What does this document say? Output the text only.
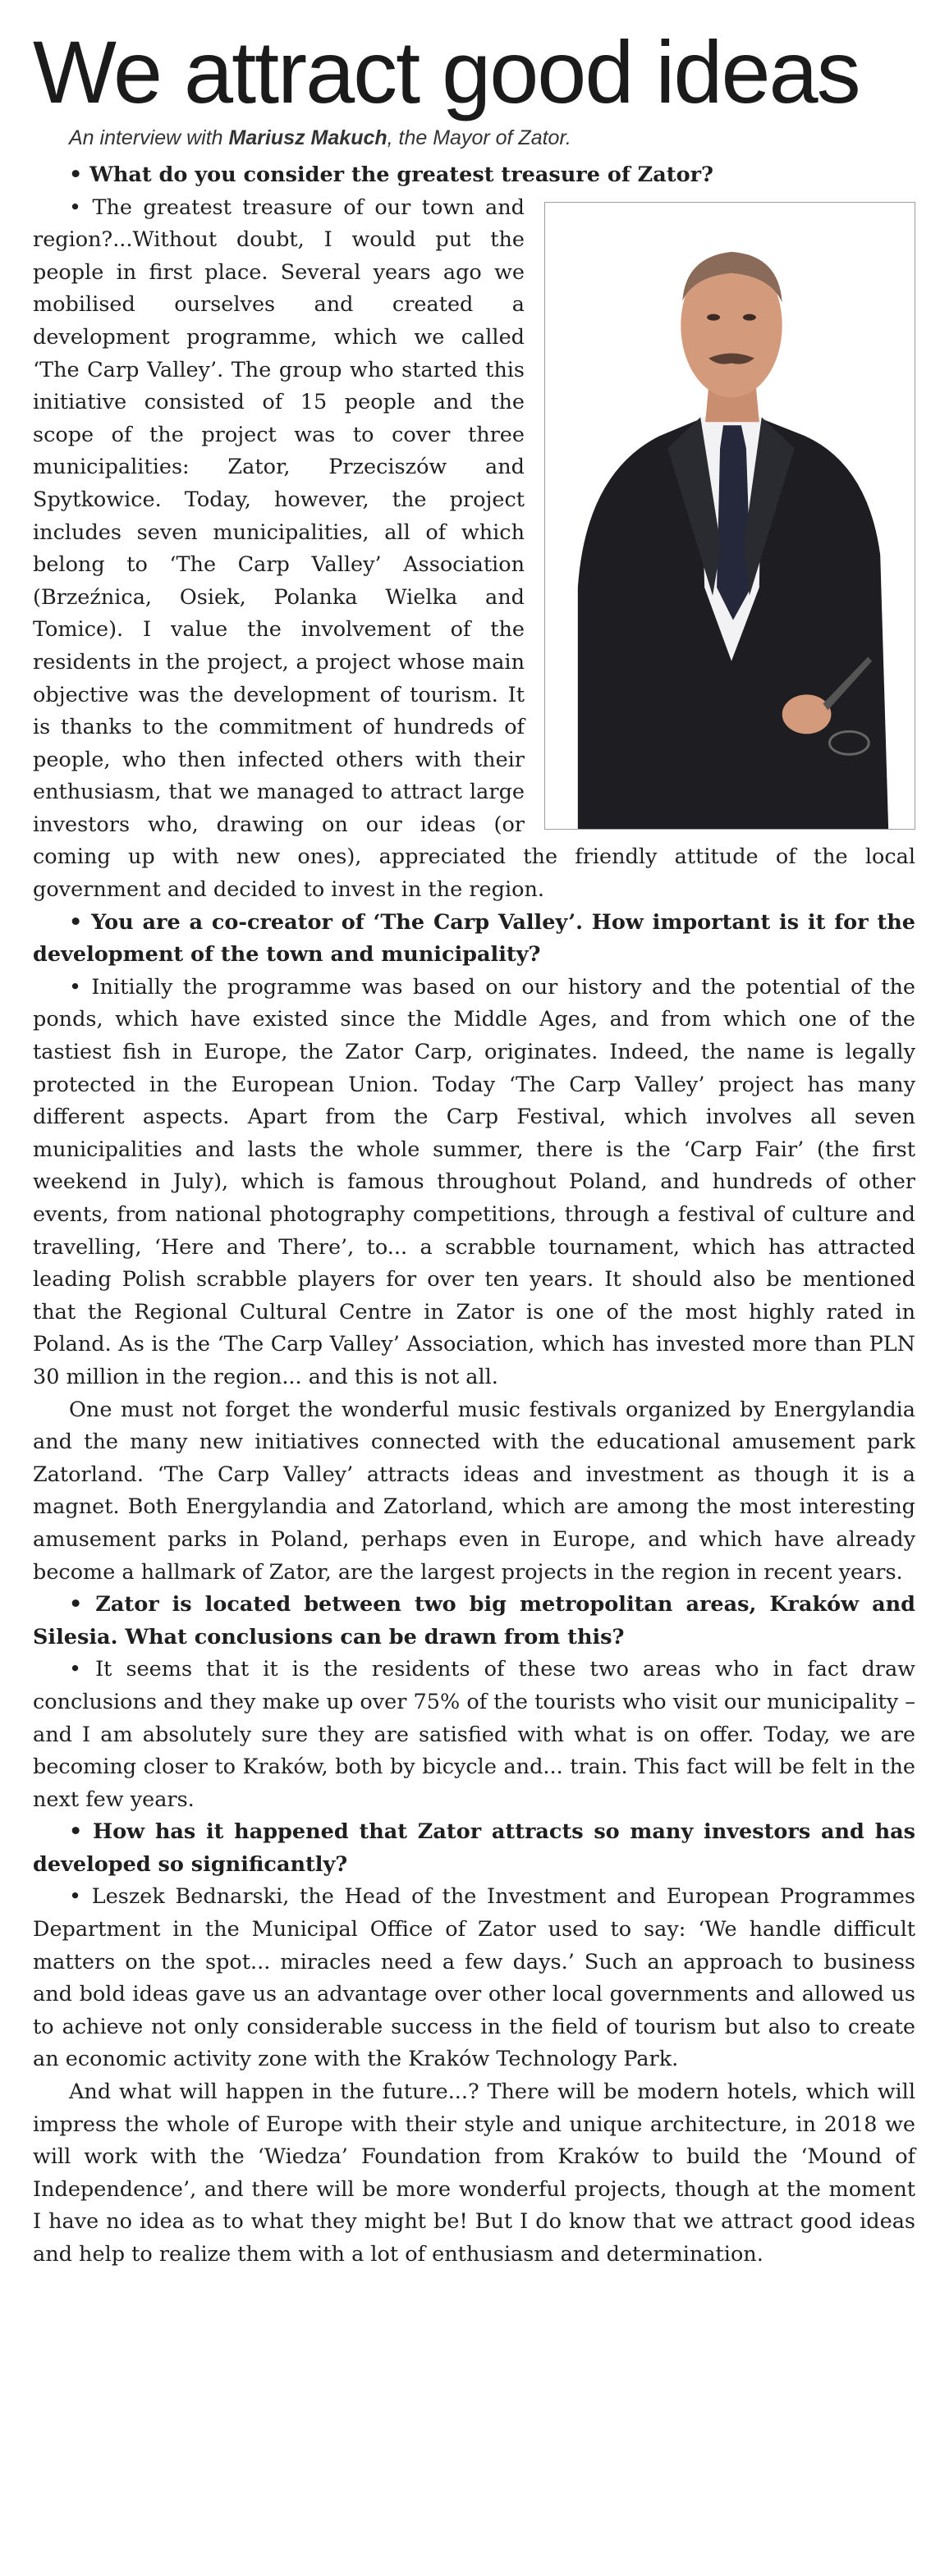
We attract good ideas

An interview with Mariusz Makuch, the Mayor of Zator.

• What do you consider the greatest treasure of Zator?

• The greatest treasure of our town and region?...Without doubt, I would put the people in first place. Several years ago we mobilised ourselves and created a development programme, which we called ‘The Carp Valley’. The group who started this initiative consisted of 15 people and the scope of the project was to cover three municipalities: Zator, Przeciszów and Spytkowice. Today, however, the project includes seven municipalities, all of which belong to ‘The Carp Valley’ Association (Brzeźnica, Osiek, Polanka Wielka and Tomice). I value the involvement of the residents in the project, a project whose main objective was the development of tourism. It is thanks to the commitment of hundreds of people, who then infected others with their enthusiasm, that we managed to attract large investors who, drawing on our ideas (or coming up with new ones), appreciated the friendly attitude of the local government and decided to invest in the region.

• You are a co-creator of ‘The Carp Valley’. How important is it for the development of the town and municipality?

• Initially the programme was based on our history and the potential of the ponds, which have existed since the Middle Ages, and from which one of the tastiest fish in Europe, the Zator Carp, originates. Indeed, the name is legally protected in the European Union. Today ‘The Carp Valley’ project has many different aspects. Apart from the Carp Festival, which involves all seven municipalities and lasts the whole summer, there is the ‘Carp Fair’ (the first weekend in July), which is famous throughout Poland, and hundreds of other events, from national photography competitions, through a festival of culture and travelling, ‘Here and There’, to... a scrabble tournament, which has attracted leading Polish scrabble players for over ten years. It should also be mentioned that the Regional Cultural Centre in Zator is one of the most highly rated in Poland. As is the ‘The Carp Valley’ Association, which has invested more than PLN 30 million in the region... and this is not all.

One must not forget the wonderful music festivals organized by Energylandia and the many new initiatives connected with the educational amusement park Zatorland. ‘The Carp Valley’ attracts ideas and investment as though it is a magnet. Both Energylandia and Zatorland, which are among the most interesting amusement parks in Poland, perhaps even in Europe, and which have already become a hallmark of Zator, are the largest projects in the region in recent years.

• Zator is located between two big metropolitan areas, Kraków and Silesia. What conclusions can be drawn from this?

• It seems that it is the residents of these two areas who in fact draw conclusions and they make up over 75% of the tourists who visit our municipality – and I am absolutely sure they are satisfied with what is on offer. Today, we are becoming closer to Kraków, both by bicycle and... train. This fact will be felt in the next few years.

• How has it happened that Zator attracts so many investors and has developed so significantly?

• Leszek Bednarski, the Head of the Investment and European Programmes Department in the Municipal Office of Zator used to say: ‘We handle difficult matters on the spot... miracles need a few days.’ Such an approach to business and bold ideas gave us an advantage over other local governments and allowed us to achieve not only considerable success in the field of tourism but also to create an economic activity zone with the Kraków Technology Park.

And what will happen in the future...? There will be modern hotels, which will impress the whole of Europe with their style and unique architecture, in 2018 we will work with the ‘Wiedza’ Foundation from Kraków to build the ‘Mound of Independence’, and there will be more wonderful projects, though at the moment I have no idea as to what they might be! But I do know that we attract good ideas and help to realize them with a lot of enthusiasm and determination.
